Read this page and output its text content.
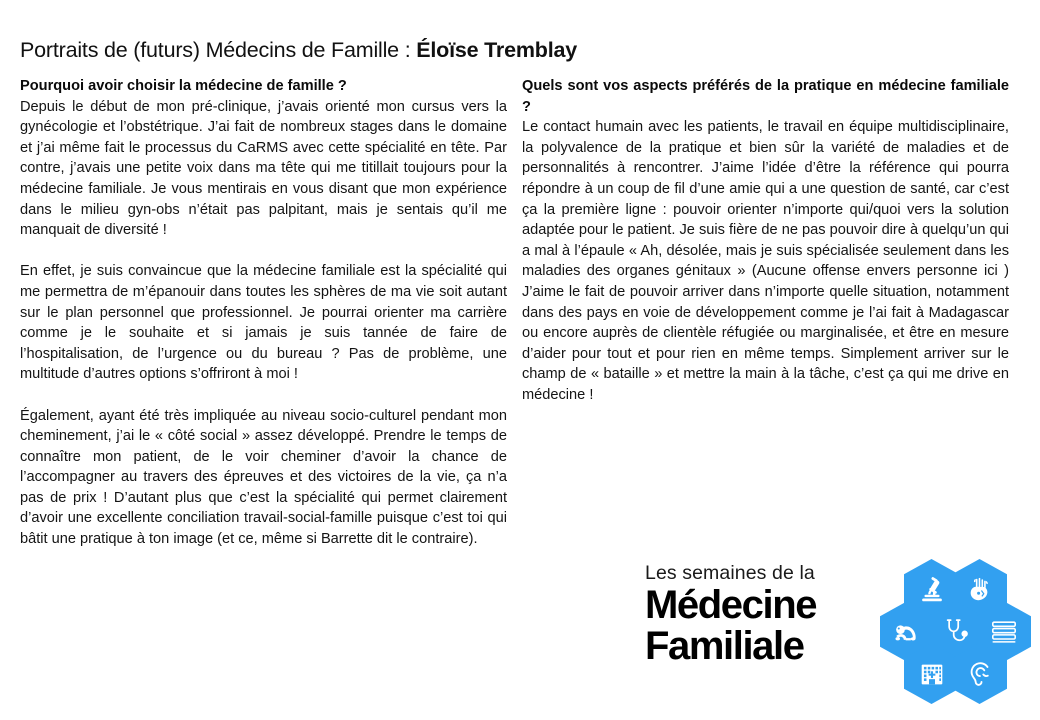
Portraits de (futurs) Médecins de Famille : Éloïse Tremblay

Pourquoi avoir choisir la médecine de famille ?

Depuis le début de mon pré-clinique, j’avais orienté mon cursus vers la gynécologie et l’obstétrique. J’ai fait de nombreux stages dans le domaine et j’ai même fait le processus du CaRMS avec cette spécialité en tête. Par contre, j’avais une petite voix dans ma tête qui me titillait toujours pour la médecine familiale. Je vous mentirais en vous disant que mon expérience dans le milieu gyn-obs n’était pas palpitant, mais je sentais qu’il me manquait de diversité !

En effet, je suis convaincue que la médecine familiale est la spécialité qui me permettra de m’épanouir dans toutes les sphères de ma vie soit autant sur le plan personnel que professionnel. Je pourrai orienter ma carrière comme je le souhaite et si jamais je suis tannée de faire de l’hospitalisation, de l’urgence ou du bureau ? Pas de problème, une multitude d’autres options s’offriront à moi !

Également, ayant été très impliquée au niveau socio-culturel pendant mon cheminement, j’ai le « côté social » assez développé. Prendre le temps de connaître mon patient, de le voir cheminer d’avoir la chance de l’accompagner au travers des épreuves et des victoires de la vie, ça n’a pas de prix ! D’autant plus que c’est la spécialité qui permet clairement d’avoir une excellente conciliation travail-social-famille puisque c’est toi qui bâtit une pratique à ton image (et ce, même si Barrette dit le contraire).

Quels sont vos aspects préférés de la pratique en médecine familiale ?

Le contact humain avec les patients, le travail en équipe multidisciplinaire, la polyvalence de la pratique et bien sûr la variété de maladies et de personnalités à rencontrer. J’aime l’idée d’être la référence qui pourra répondre à un coup de fil d’une amie qui a une question de santé, car c’est ça la première ligne : pouvoir orienter n’importe qui/quoi vers la solution adaptée pour le patient. Je suis fière de ne pas pouvoir dire à quelqu’un qui a mal à l’épaule « Ah, désolée, mais je suis spécialisée seulement dans les maladies des organes génitaux » (Aucune offense envers personne ici ) J’aime le fait de pouvoir arriver dans n’importe quelle situation, notamment dans des pays en voie de développement comme je l’ai fait à Madagascar ou encore auprès de clientèle réfugiée ou marginalisée, et être en mesure d’aider pour tout et pour rien en même temps. Simplement arriver sur le champ de « bataille » et mettre la main à la tâche, c’est ça qui me drive en médecine !

Les semaines de la
Médecine
Familiale
